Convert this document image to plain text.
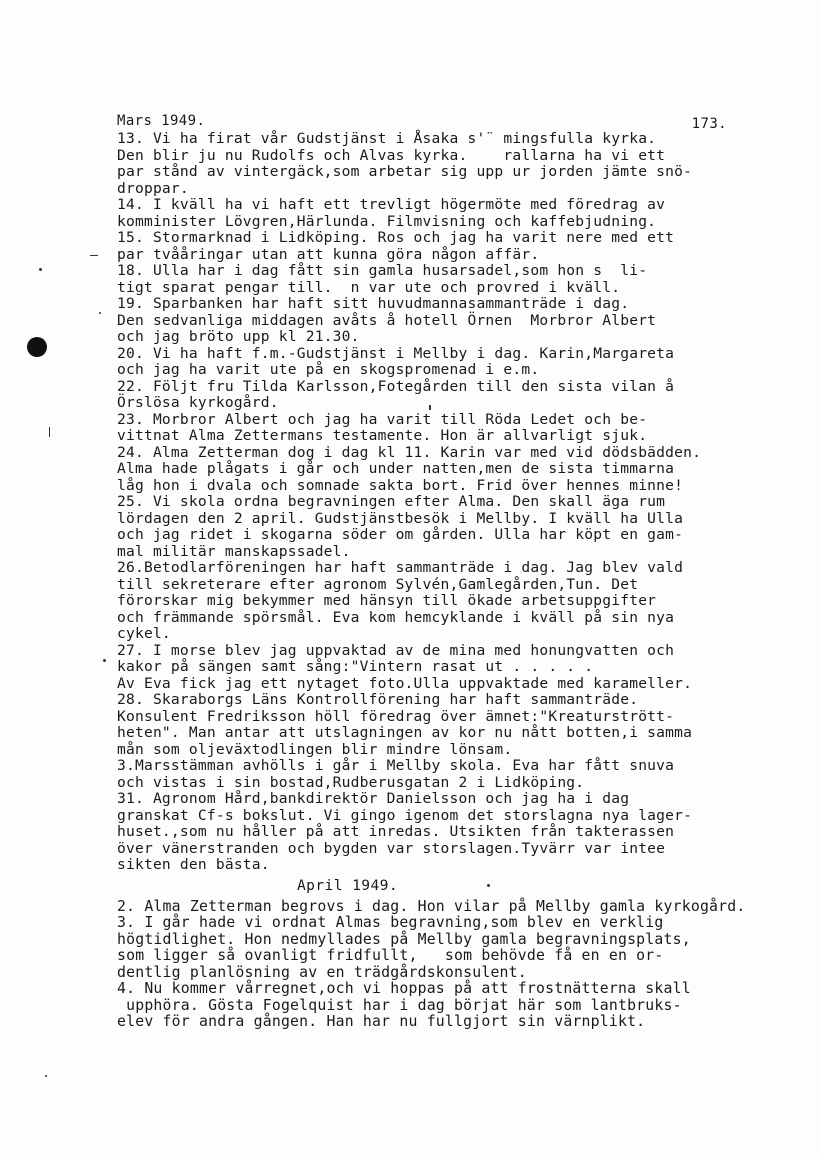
Mars 1949.	173.
13. Vi ha firat vår Gudstjänst i Åsaka s'¨ mingsfulla kyrka.
Den blir ju nu Rudolfs och Alvas kyrka.    rallarna ha vi ett
par stånd av vintergäck,som arbetar sig upp ur jorden jämte snö-
droppar.
14. I kväll ha vi haft ett trevligt högermöte med föredrag av
komminister Lövgren,Härlunda. Filmvisning och kaffebjudning.
15. Stormarknad i Lidköping. Ros och jag ha varit nere med ett
par tvååringar utan att kunna göra någon affär.
18. Ulla har i dag fått sin gamla husarsadel,som hon s  li-
tigt sparat pengar till.  n var ute och provred i kväll.
19. Sparbanken har haft sitt huvudmannasammanträde i dag.
Den sedvanliga middagen avåts å hotell Örnen  Morbror Albert
och jag bröto upp kl 21.30.
20. Vi ha haft f.m.-Gudstjänst i Mellby i dag. Karin,Margareta
och jag ha varit ute på en skogspromenad i e.m.
22. Följt fru Tilda Karlsson,Fotegården till den sista vilan å
Örslösa kyrkogård.
23. Morbror Albert och jag ha varit till Röda Ledet och be-
vittnat Alma Zettermans testamente. Hon är allvarligt sjuk.
24. Alma Zetterman dog i dag kl 11. Karin var med vid dödsbädden.
Alma hade plågats i går och under natten,men de sista timmarna
låg hon i dvala och somnade sakta bort. Frid över hennes minne!
25. Vi skola ordna begravningen efter Alma. Den skall äga rum
lördagen den 2 april. Gudstjänstbesök i Mellby. I kväll ha Ulla
och jag ridet i skogarna söder om gården. Ulla har köpt en gam-
mal militär manskapssadel.
26.Betodlarföreningen har haft sammanträde i dag. Jag blev vald
till sekreterare efter agronom Sylvén,Gamlegården,Tun. Det
förorskar mig bekymmer med hänsyn till ökade arbetsuppgifter
och främmande spörsmål. Eva kom hemcyklande i kväll på sin nya
cykel.
27. I morse blev jag uppvaktad av de mina med honungvatten och
kakor på sängen samt sång:"Vintern rasat ut . . . . .
Av Eva fick jag ett nytaget foto.Ulla uppvaktade med karameller.
28. Skaraborgs Läns Kontrollförening har haft sammanträde.
Konsulent Fredriksson höll föredrag över ämnet:"Kreaturstrött-
heten". Man antar att utslagningen av kor nu nått botten,i samma
mån som oljeväxtodlingen blir mindre lönsam.
3.Marsstämman avhölls i går i Mellby skola. Eva har fått snuva
och vistas i sin bostad,Rudberusgatan 2 i Lidköping.
31. Agronom Hård,bankdirektör Danielsson och jag ha i dag
granskat Cf-s bokslut. Vi gingo igenom det storslagna nya lager-
huset.,som nu håller på att inredas. Utsikten från takterassen
över vänerstranden och bygden var storslagen.Tyvärr var intee
sikten den bästa.
April 1949.
2. Alma Zetterman begrovs i dag. Hon vilar på Mellby gamla kyrkogård.
3. I går hade vi ordnat Almas begravning,som blev en verklig
högtidlighet. Hon nedmyllades på Mellby gamla begravningsplats,
som ligger så ovanligt fridfullt,   som behövde få en en or-
dentlig planlösning av en trädgårdskonsulent.
4. Nu kommer vårregnet,och vi hoppas på att frostnätterna skall
upphöra. Gösta Fogelquist har i dag börjat här som lantbruks-
elev för andra gången. Han har nu fullgjort sin värnplikt.
